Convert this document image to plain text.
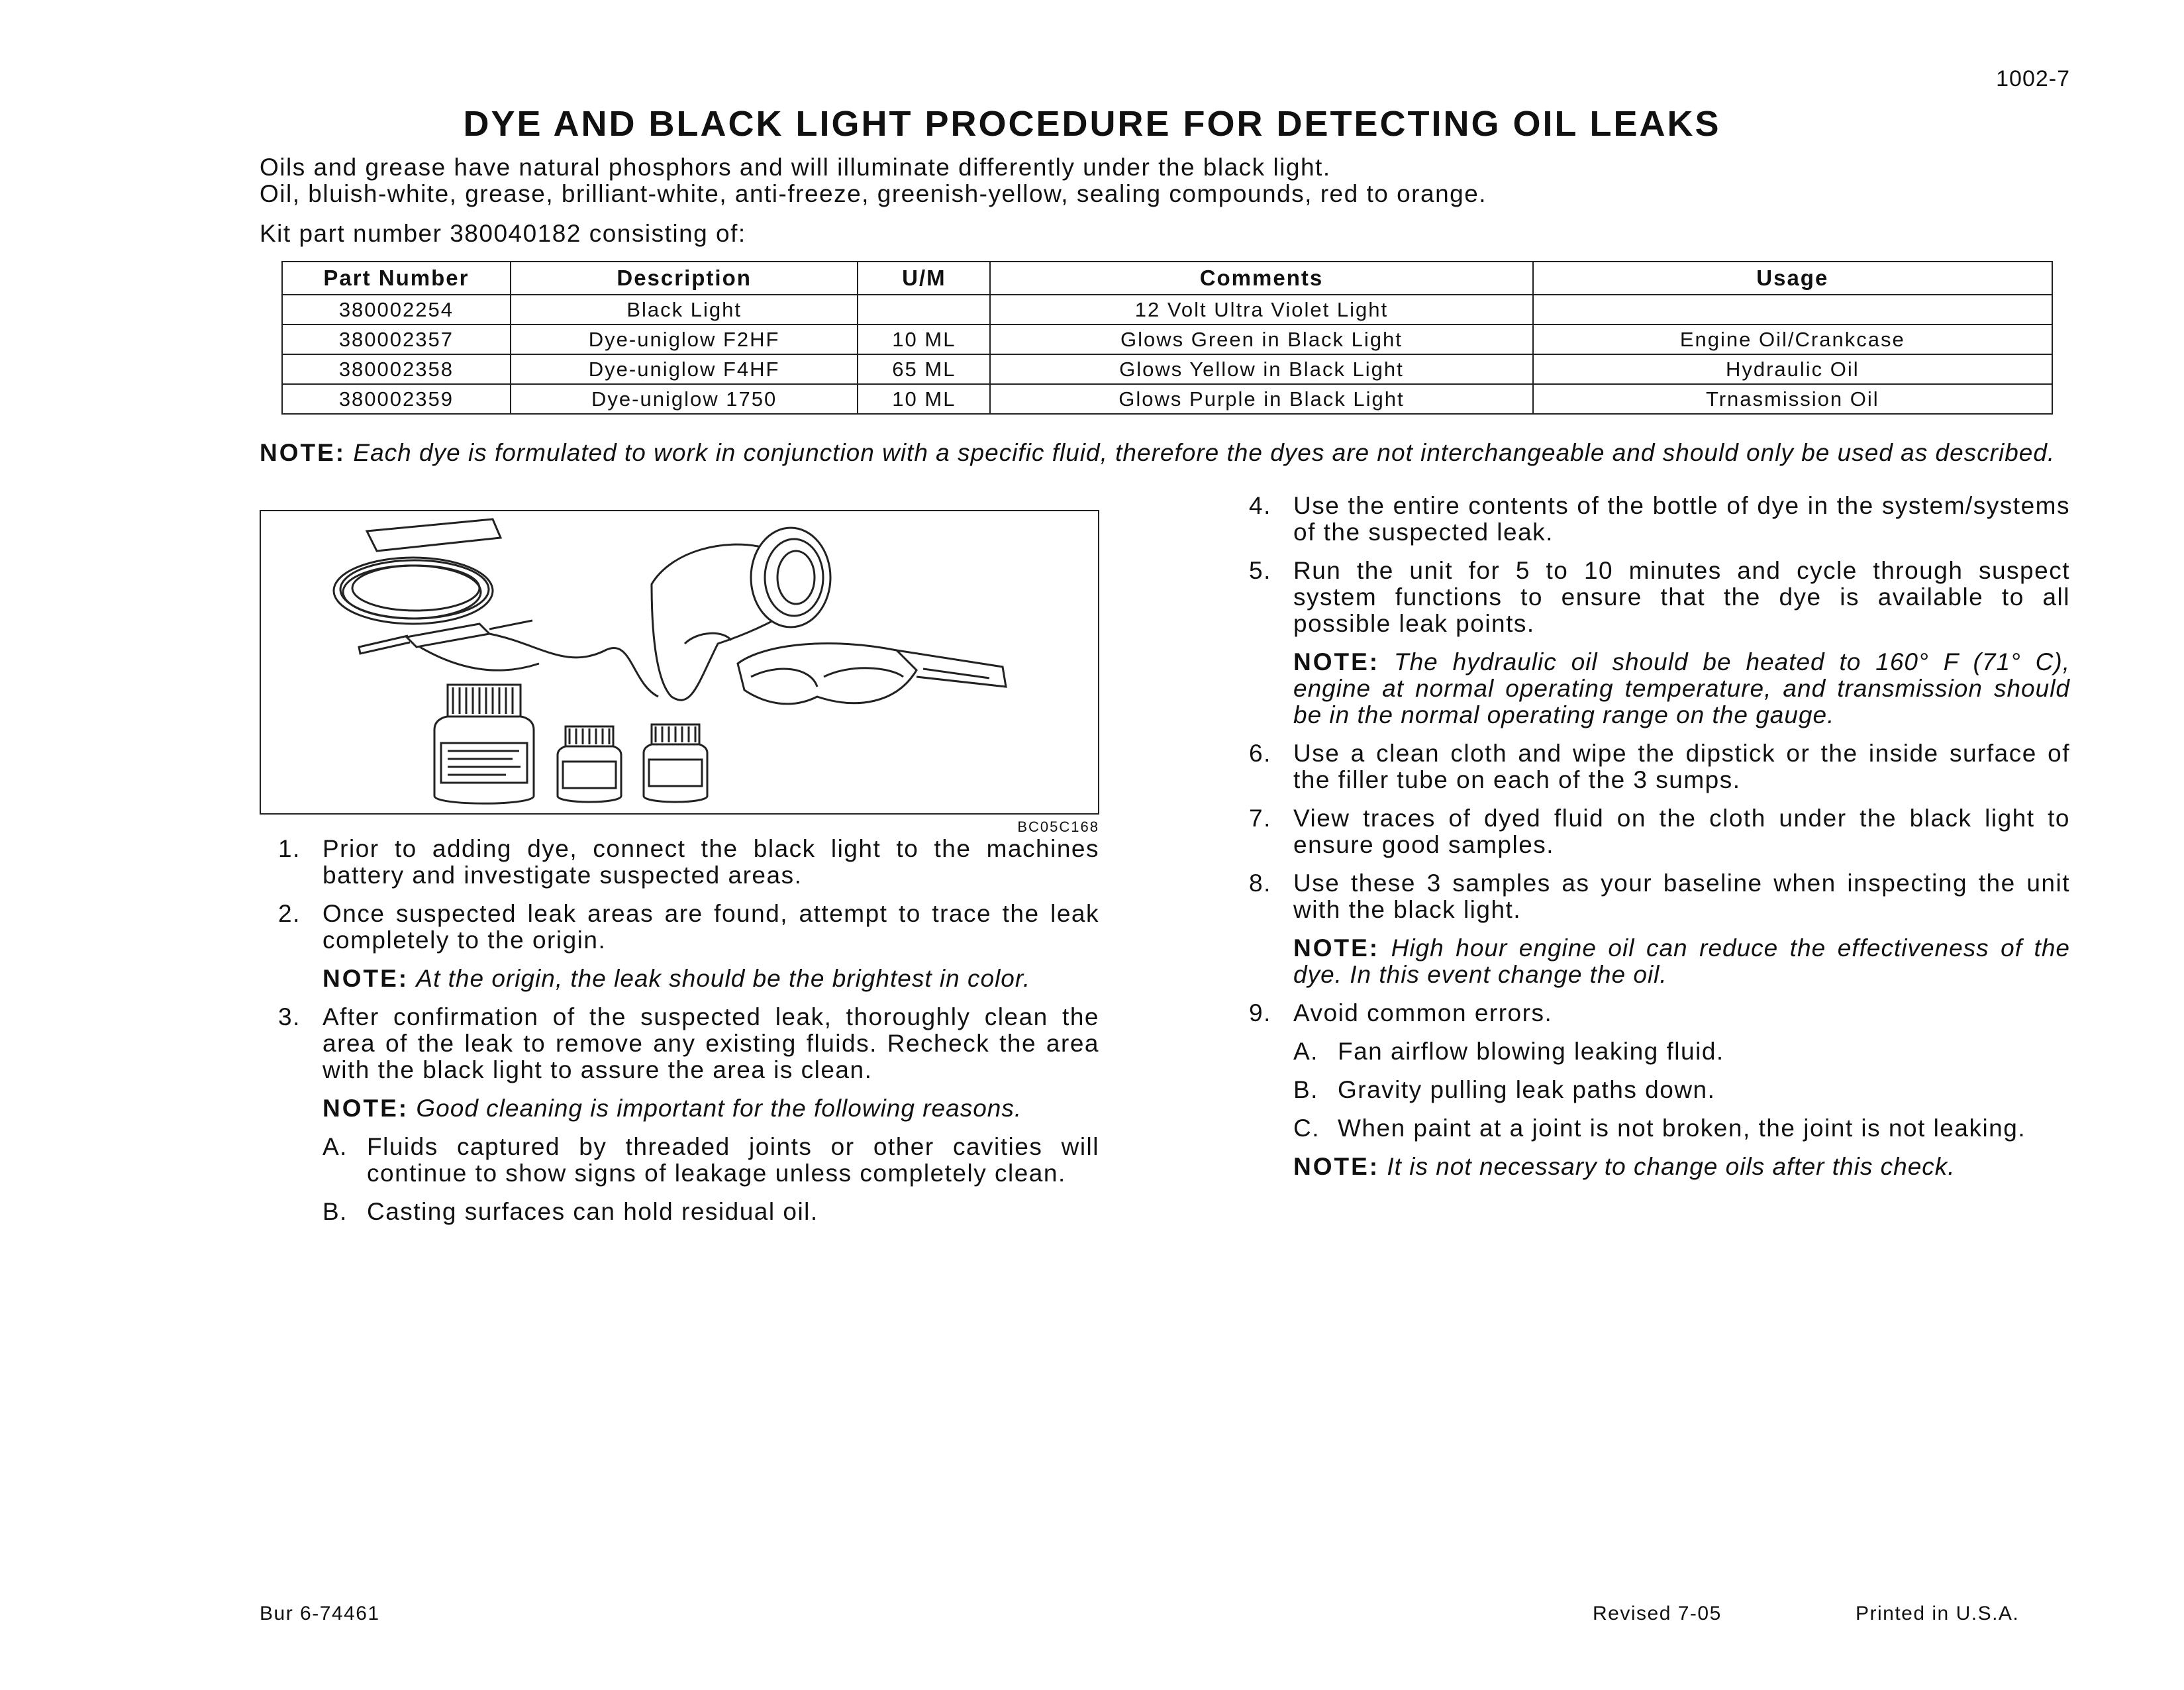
1002-7
DYE AND BLACK LIGHT PROCEDURE FOR DETECTING OIL LEAKS
Oils and grease have natural phosphors and will illuminate differently under the black light.
Oil, bluish-white, grease, brilliant-white, anti-freeze, greenish-yellow, sealing compounds, red to orange.
Kit part number 380040182 consisting of:
Part Number	Description	U/M	Comments	Usage
380002254	Black Light		12 Volt Ultra Violet Light	
380002357	Dye-uniglow F2HF	10 ML	Glows Green in Black Light	Engine Oil/Crankcase
380002358	Dye-uniglow F4HF	65 ML	Glows Yellow in Black Light	Hydraulic Oil
380002359	Dye-uniglow 1750	10 ML	Glows Purple in Black Light	Trnasmission Oil
NOTE: Each dye is formulated to work in conjunction with a specific fluid, therefore the dyes are not interchangeable and should only be used as described.
BC05C168
1. Prior to adding dye, connect the black light to the machines battery and investigate suspected areas.
2. Once suspected leak areas are found, attempt to trace the leak completely to the origin.
NOTE: At the origin, the leak should be the brightest in color.
3. After confirmation of the suspected leak, thoroughly clean the area of the leak to remove any existing fluids. Recheck the area with the black light to assure the area is clean.
NOTE: Good cleaning is important for the following reasons.
A. Fluids captured by threaded joints or other cavities will continue to show signs of leakage unless completely clean.
B. Casting surfaces can hold residual oil.
4. Use the entire contents of the bottle of dye in the system/systems of the suspected leak.
5. Run the unit for 5 to 10 minutes and cycle through suspect system functions to ensure that the dye is available to all possible leak points.
NOTE: The hydraulic oil should be heated to 160° F (71° C), engine at normal operating temperature, and transmission should be in the normal operating range on the gauge.
6. Use a clean cloth and wipe the dipstick or the inside surface of the filler tube on each of the 3 sumps.
7. View traces of dyed fluid on the cloth under the black light to ensure good samples.
8. Use these 3 samples as your baseline when inspecting the unit with the black light.
NOTE: High hour engine oil can reduce the effectiveness of the dye. In this event change the oil.
9. Avoid common errors.
A. Fan airflow blowing leaking fluid.
B. Gravity pulling leak paths down.
C. When paint at a joint is not broken, the joint is not leaking.
NOTE: It is not necessary to change oils after this check.
Bur 6-74461	Revised 7-05	Printed in U.S.A.
